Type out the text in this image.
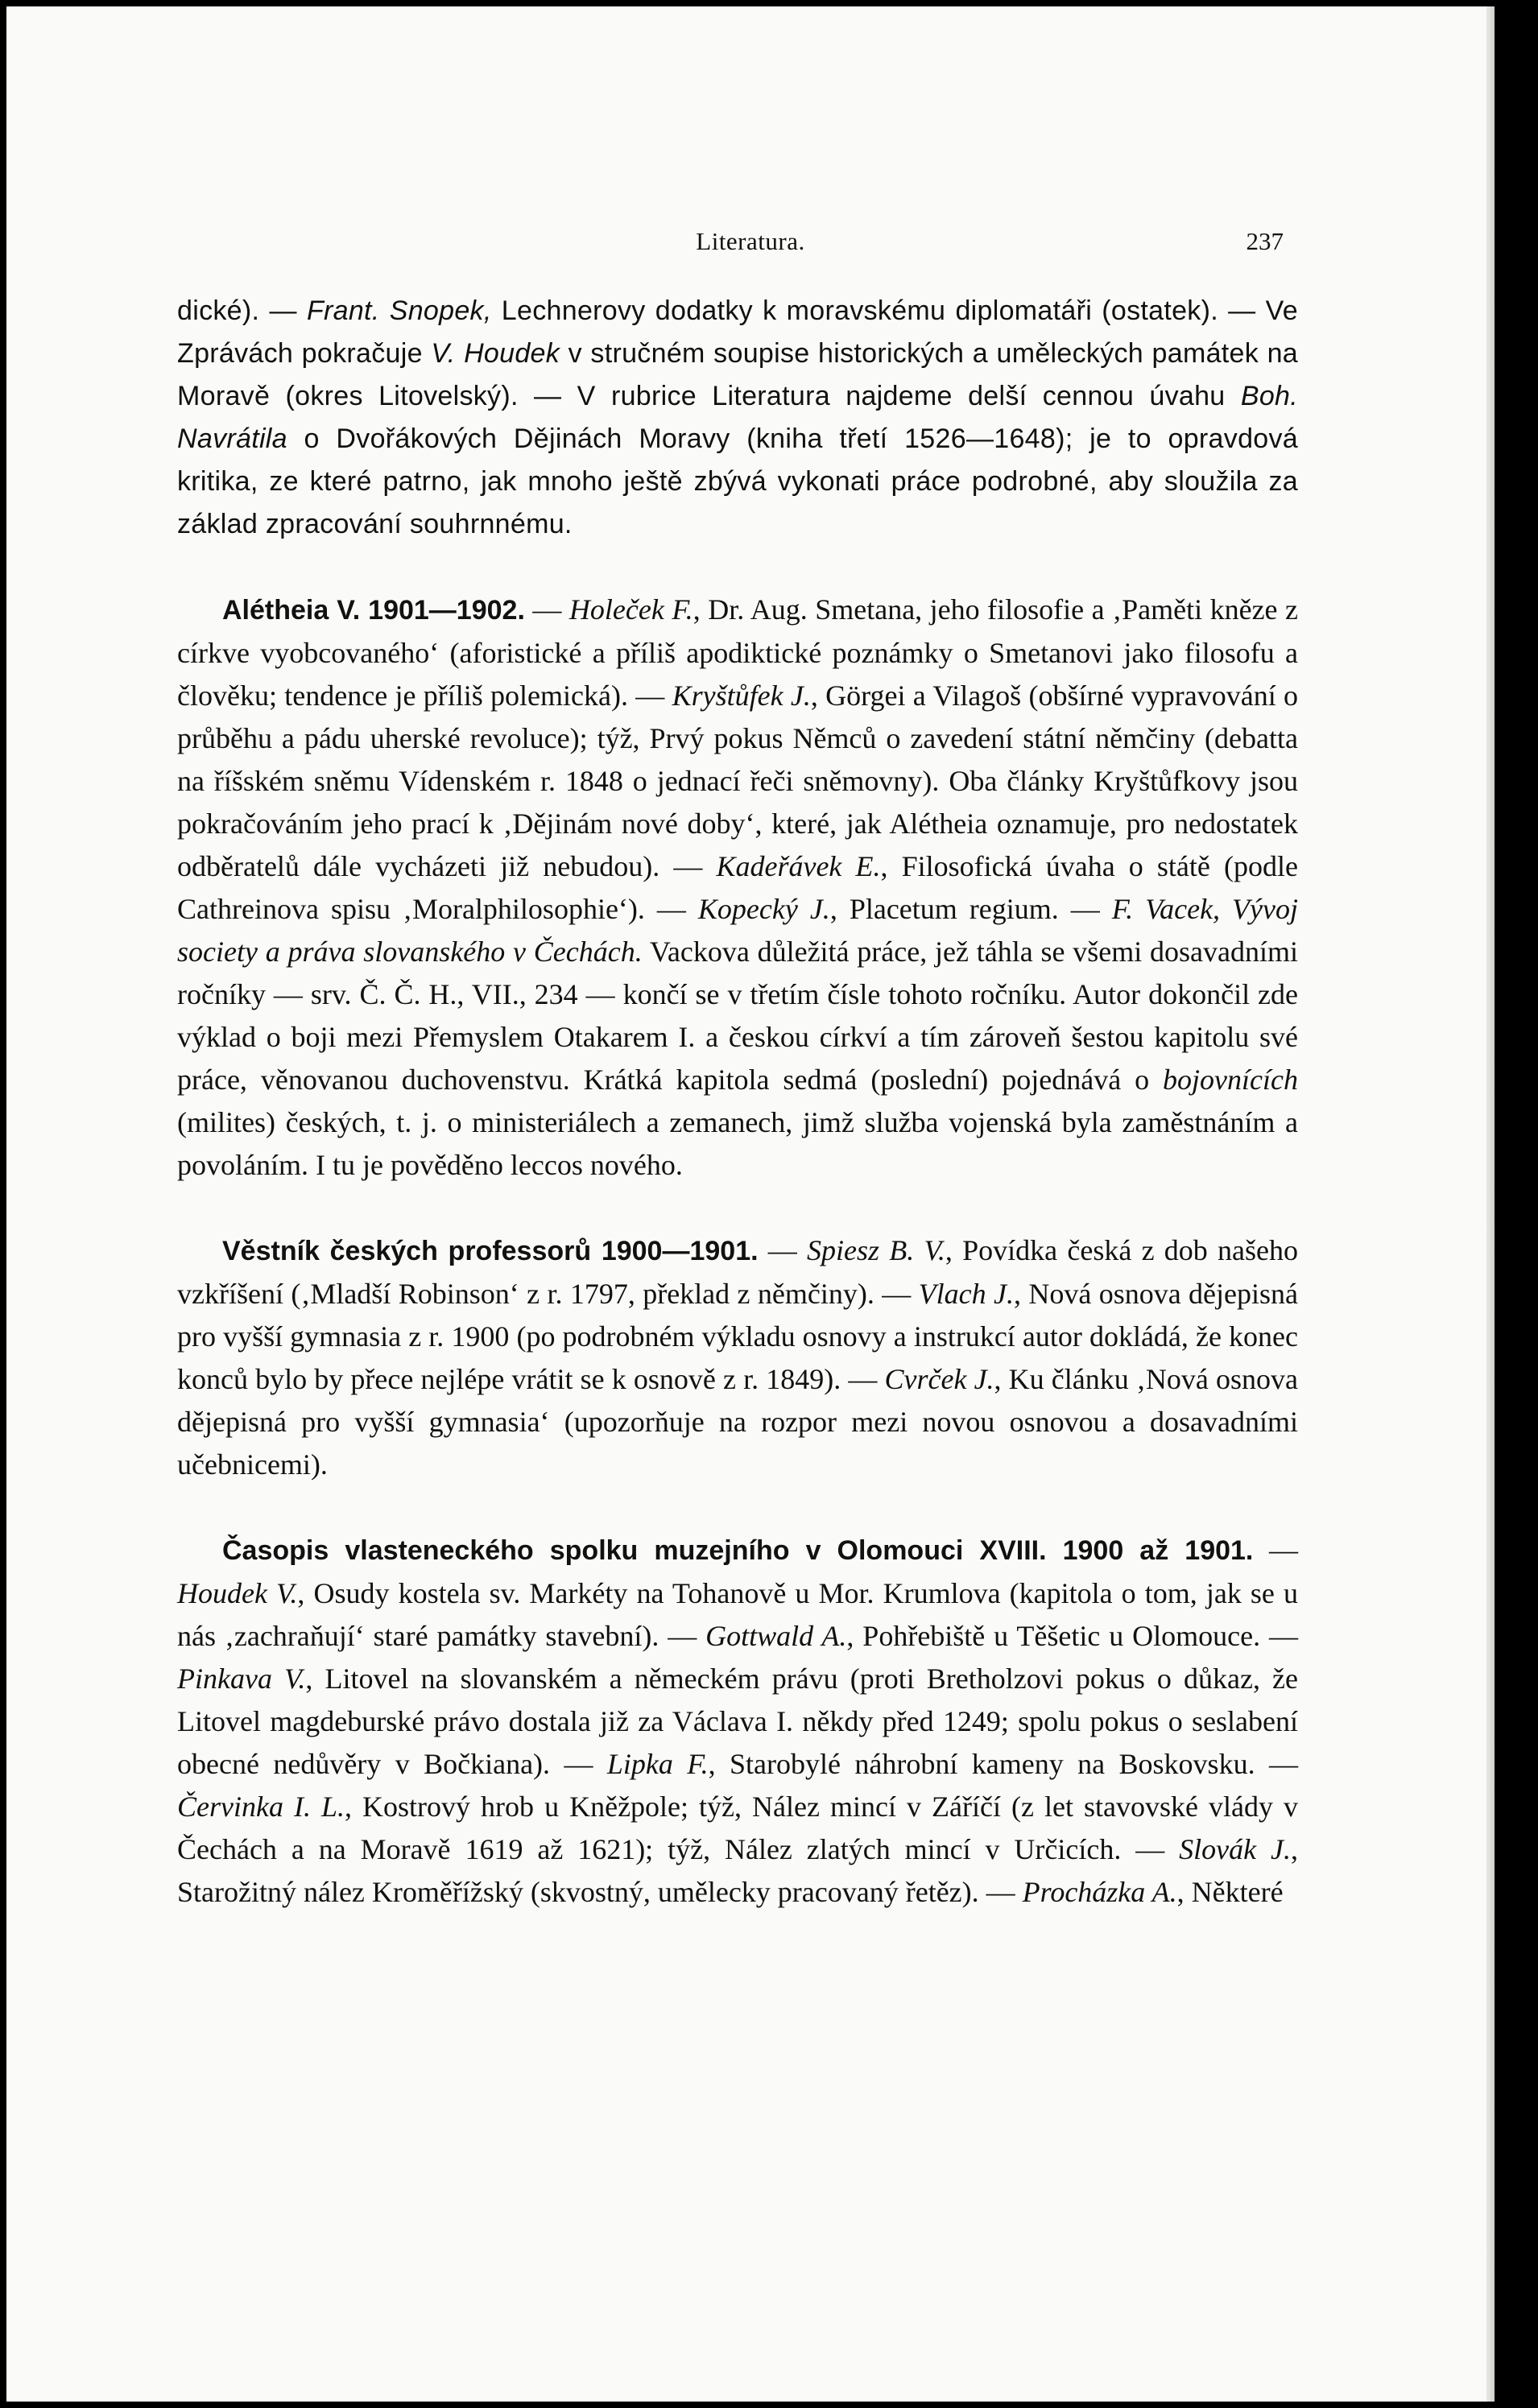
Literatura.	237

dické). — Frant. Snopek, Lechnerovy dodatky k moravskému diplomatáři (ostatek). — Ve Zprávách pokračuje V. Houdek v stručném soupise historických a uměleckých památek na Moravě (okres Litovelský). — V rubrice Literatura najdeme delší cennou úvahu Boh. Navrátila o Dvořákových Dějinách Moravy (kniha třetí 1526—1648); je to opravdová kritika, ze které patrno, jak mnoho ještě zbývá vykonati práce podrobné, aby sloužila za základ zpracování souhrnnému.

Alétheia V. 1901—1902. — Holeček F., Dr. Aug. Smetana, jeho filosofie a ‚Paměti kněze z církve vyobcovaného‘ (aforistické a příliš apodiktické poznámky o Smetanovi jako filosofu a člověku; tendence je příliš polemická). — Kryštůfek J., Görgei a Vilagoš (obšírné vypravování o průběhu a pádu uherské revoluce); týž, Prvý pokus Němců o zavedení státní němčiny (debatta na říšském sněmu Vídenském r. 1848 o jednací řeči sněmovny). Oba články Kryštůfkovy jsou pokračováním jeho prací k ‚Dějinám nové doby‘, které, jak Alétheia oznamuje, pro nedostatek odběratelů dále vycházeti již nebudou). — Kadeřávek E., Filosofická úvaha o státě (podle Cathreinova spisu ‚Moralphilosophie‘). — Kopecký J., Placetum regium. — F. Vacek, Vývoj society a práva slovanského v Čechách. Vackova důležitá práce, jež táhla se všemi dosavadními ročníky — srv. Č. Č. H., VII., 234 — končí se v třetím čísle tohoto ročníku. Autor dokončil zde výklad o boji mezi Přemyslem Otakarem I. a českou církví a tím zároveň šestou kapitolu své práce, věnovanou duchovenstvu. Krátká kapitola sedmá (poslední) pojednává o bojovnících (milites) českých, t. j. o ministeriálech a zemanech, jimž služba vojenská byla zaměstnáním a povoláním. I tu je pověděno leccos nového.

Věstník českých professorů 1900—1901. — Spiesz B. V., Povídka česká z dob našeho vzkříšení (‚Mladší Robinson‘ z r. 1797, překlad z němčiny). — Vlach J., Nová osnova dějepisná pro vyšší gymnasia z r. 1900 (po podrobném výkladu osnovy a instrukcí autor dokládá, že konec konců bylo by přece nejlépe vrátit se k osnově z r. 1849). — Cvrček J., Ku článku ‚Nová osnova dějepisná pro vyšší gymnasia‘ (upozorňuje na rozpor mezi novou osnovou a dosavadními učebnicemi).

Časopis vlasteneckého spolku muzejního v Olomouci XVIII. 1900 až 1901. — Houdek V., Osudy kostela sv. Markéty na Tohanově u Mor. Krumlova (kapitola o tom, jak se u nás ‚zachraňují‘ staré památky stavební). — Gottwald A., Pohřebiště u Těšetic u Olomouce. — Pinkava V., Litovel na slovanském a německém právu (proti Bretholzovi pokus o důkaz, že Litovel magdeburské právo dostala již za Václava I. někdy před 1249; spolu pokus o seslabení obecné nedůvěry v Bočkiana). — Lipka F., Starobylé náhrobní kameny na Boskovsku. — Červinka I. L., Kostrový hrob u Kněžpole; týž, Nález mincí v Záříčí (z let stavovské vlády v Čechách a na Moravě 1619 až 1621); týž, Nález zlatých mincí v Určicích. — Slovák J., Starožitný nález Kroměřížský (skvostný, umělecky pracovaný řetěz). — Procházka A., Některé
